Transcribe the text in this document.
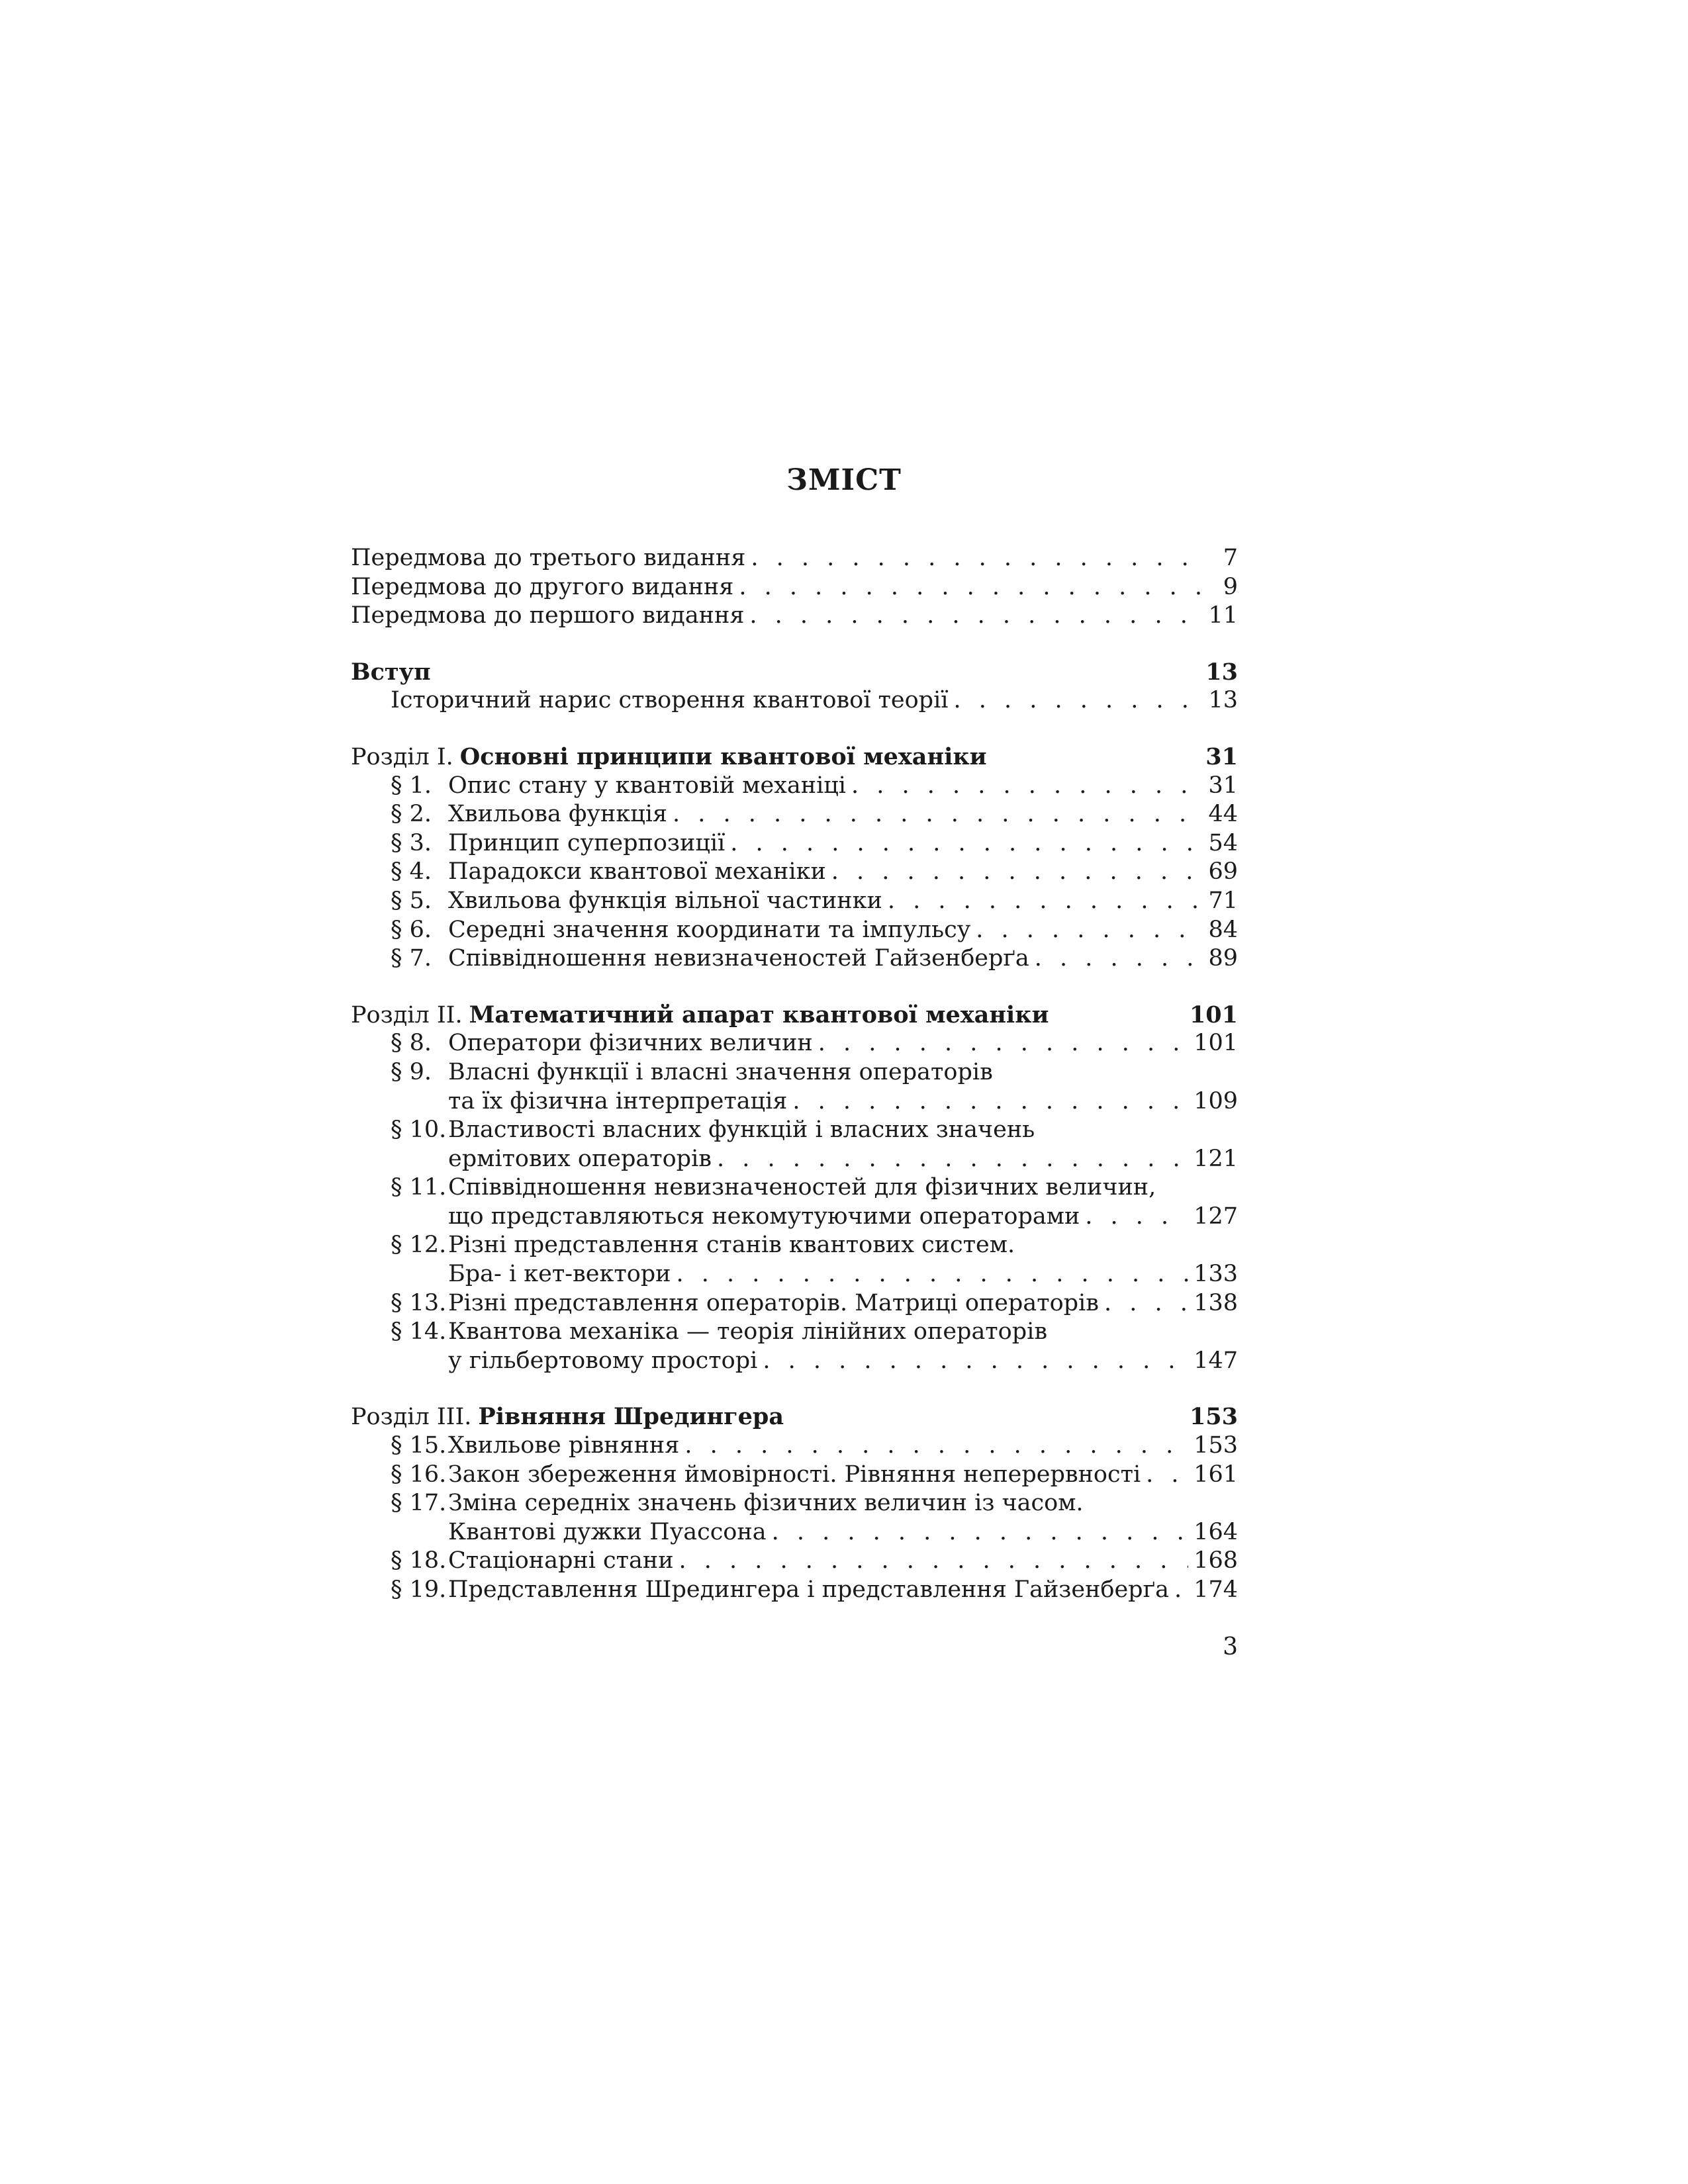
ЗМІСТ
Передмова до третього видання . . .	7
Передмова до другого видання . . .	9
Передмова до першого видання . . .	11
Вступ	13
Історичний нарис створення квантової теорії . . .	13
Розділ I. Основні принципи квантової механіки	31
§ 1. Опис стану у квантовій механіці . . .	31
§ 2. Хвильова функція . . .	44
§ 3. Принцип суперпозиції . . .	54
§ 4. Парадокси квантової механіки . . .	69
§ 5. Хвильова функція вільної частинки . . .	71
§ 6. Середні значення координати та імпульсу . . .	84
§ 7. Співвідношення невизначеностей Гайзенберґа . . .	89
Розділ II. Математичний апарат квантової механіки	101
§ 8. Оператори фізичних величин . . .	101
§ 9. Власні функції і власні значення операторів
та їх фізична інтерпретація . . .	109
§ 10. Властивості власних функцій і власних значень
ермітових операторів . . .	121
§ 11. Співвідношення невизначеностей для фізичних величин,
що представляються некомутуючими операторами . . .	127
§ 12. Різні представлення станів квантових систем.
Бра- і кет-вектори . . .	133
§ 13. Різні представлення операторів. Матриці операторів . . .	138
§ 14. Квантова механіка — теорія лінійних операторів
у гільбертовому просторі . . .	147
Розділ III. Рівняння Шредингера	153
§ 15. Хвильове рівняння . . .	153
§ 16. Закон збереження ймовірності. Рівняння неперервності . . . 161
§ 17. Зміна середніх значень фізичних величин із часом.
Квантові дужки Пуассона . . .	164
§ 18. Стаціонарні стани . . .	168
§ 19. Представлення Шредингера і представлення Гайзенберґа . . . 174
3
